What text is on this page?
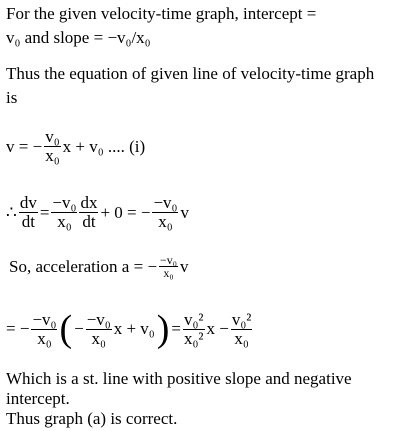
For the given velocity-time graph, intercept =
v₀ and slope = −v₀/x₀
Thus the equation of given line of velocity-time graph
is
v = − $\frac{\text{v₀}}{\text{x₀}}$ x + v₀ .... (i)
∴ $\frac{dv}{dt} = \frac{\text{−v₀}}{\text{x₀}} \frac{dx}{dt} + 0$ = − $\frac{\text{−v₀}}{\text{x₀}}$ v
So, acceleration a = − $\frac{\text{−v₀}}{\text{x₀}}$ v
= − $\frac{\text{−v₀}}{\text{x₀}}$ ( − $\frac{\text{−v₀}}{\text{x₀}}$ x + v₀ ) = $\frac{\text{v₀²}}{\text{x₀²}}$ $x - \frac{\text{v₀²}}{\text{x₀}}$
Which is a st. line with positive slope and negative
intercept.
Thus graph (a) is correct.
